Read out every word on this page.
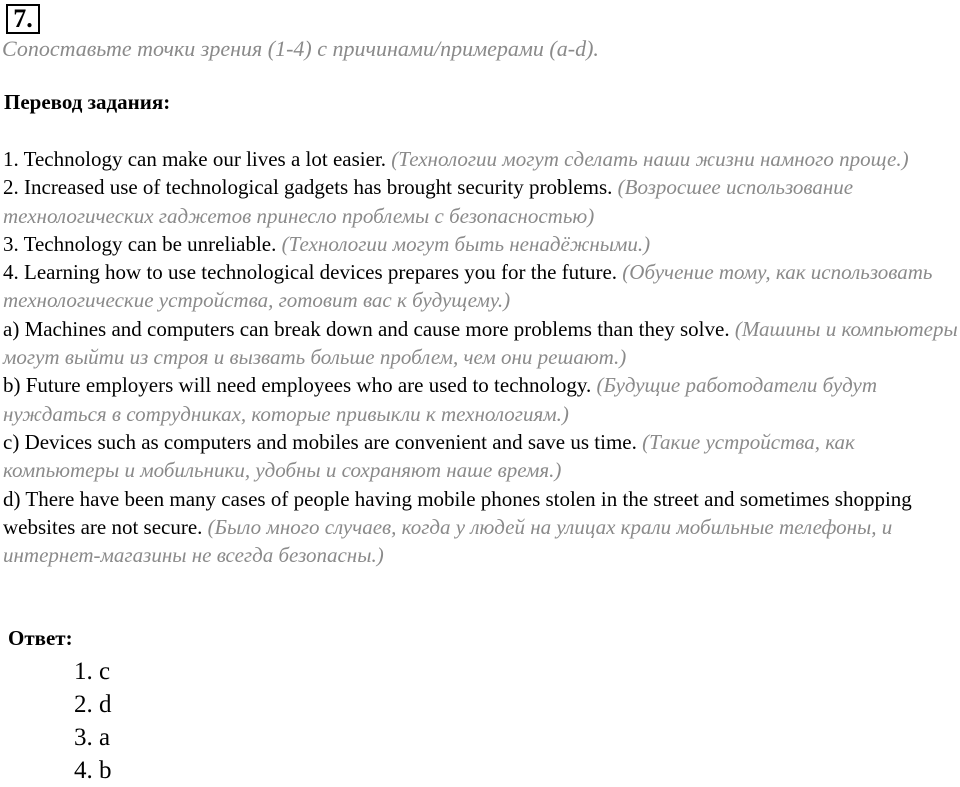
7.
Сопоставьте точки зрения (1-4) с причинами/примерами (a-d).
Перевод задания:

1. Technology can make our lives a lot easier. (Технологии могут сделать наши жизни намного проще.)

2. Increased use of technological gadgets has brought security problems. (Возросшее использование технологических гаджетов принесло проблемы с безопасностью)

3. Technology can be unreliable. (Технологии могут быть ненадёжными.)

4. Learning how to use technological devices prepares you for the future. (Обучение тому, как использовать технологические устройства, готовит вас к будущему.)

a) Machines and computers can break down and cause more problems than they solve. (Машины и компьютеры могут выйти из строя и вызвать больше проблем, чем они решают.)

b) Future employers will need employees who are used to technology. (Будущие работодатели будут нуждаться в сотрудниках, которые привыкли к технологиям.)

c) Devices such as computers and mobiles are convenient and save us time. (Такие устройства, как компьютеры и мобильники, удобны и сохраняют наше время.)

d) There have been many cases of people having mobile phones stolen in the street and sometimes shopping websites are not secure. (Было много случаев, когда у людей на улицах крали мобильные телефоны, и интернет-магазины не всегда безопасны.)

Ответ:
1. c
2. d
3. a
4. b
